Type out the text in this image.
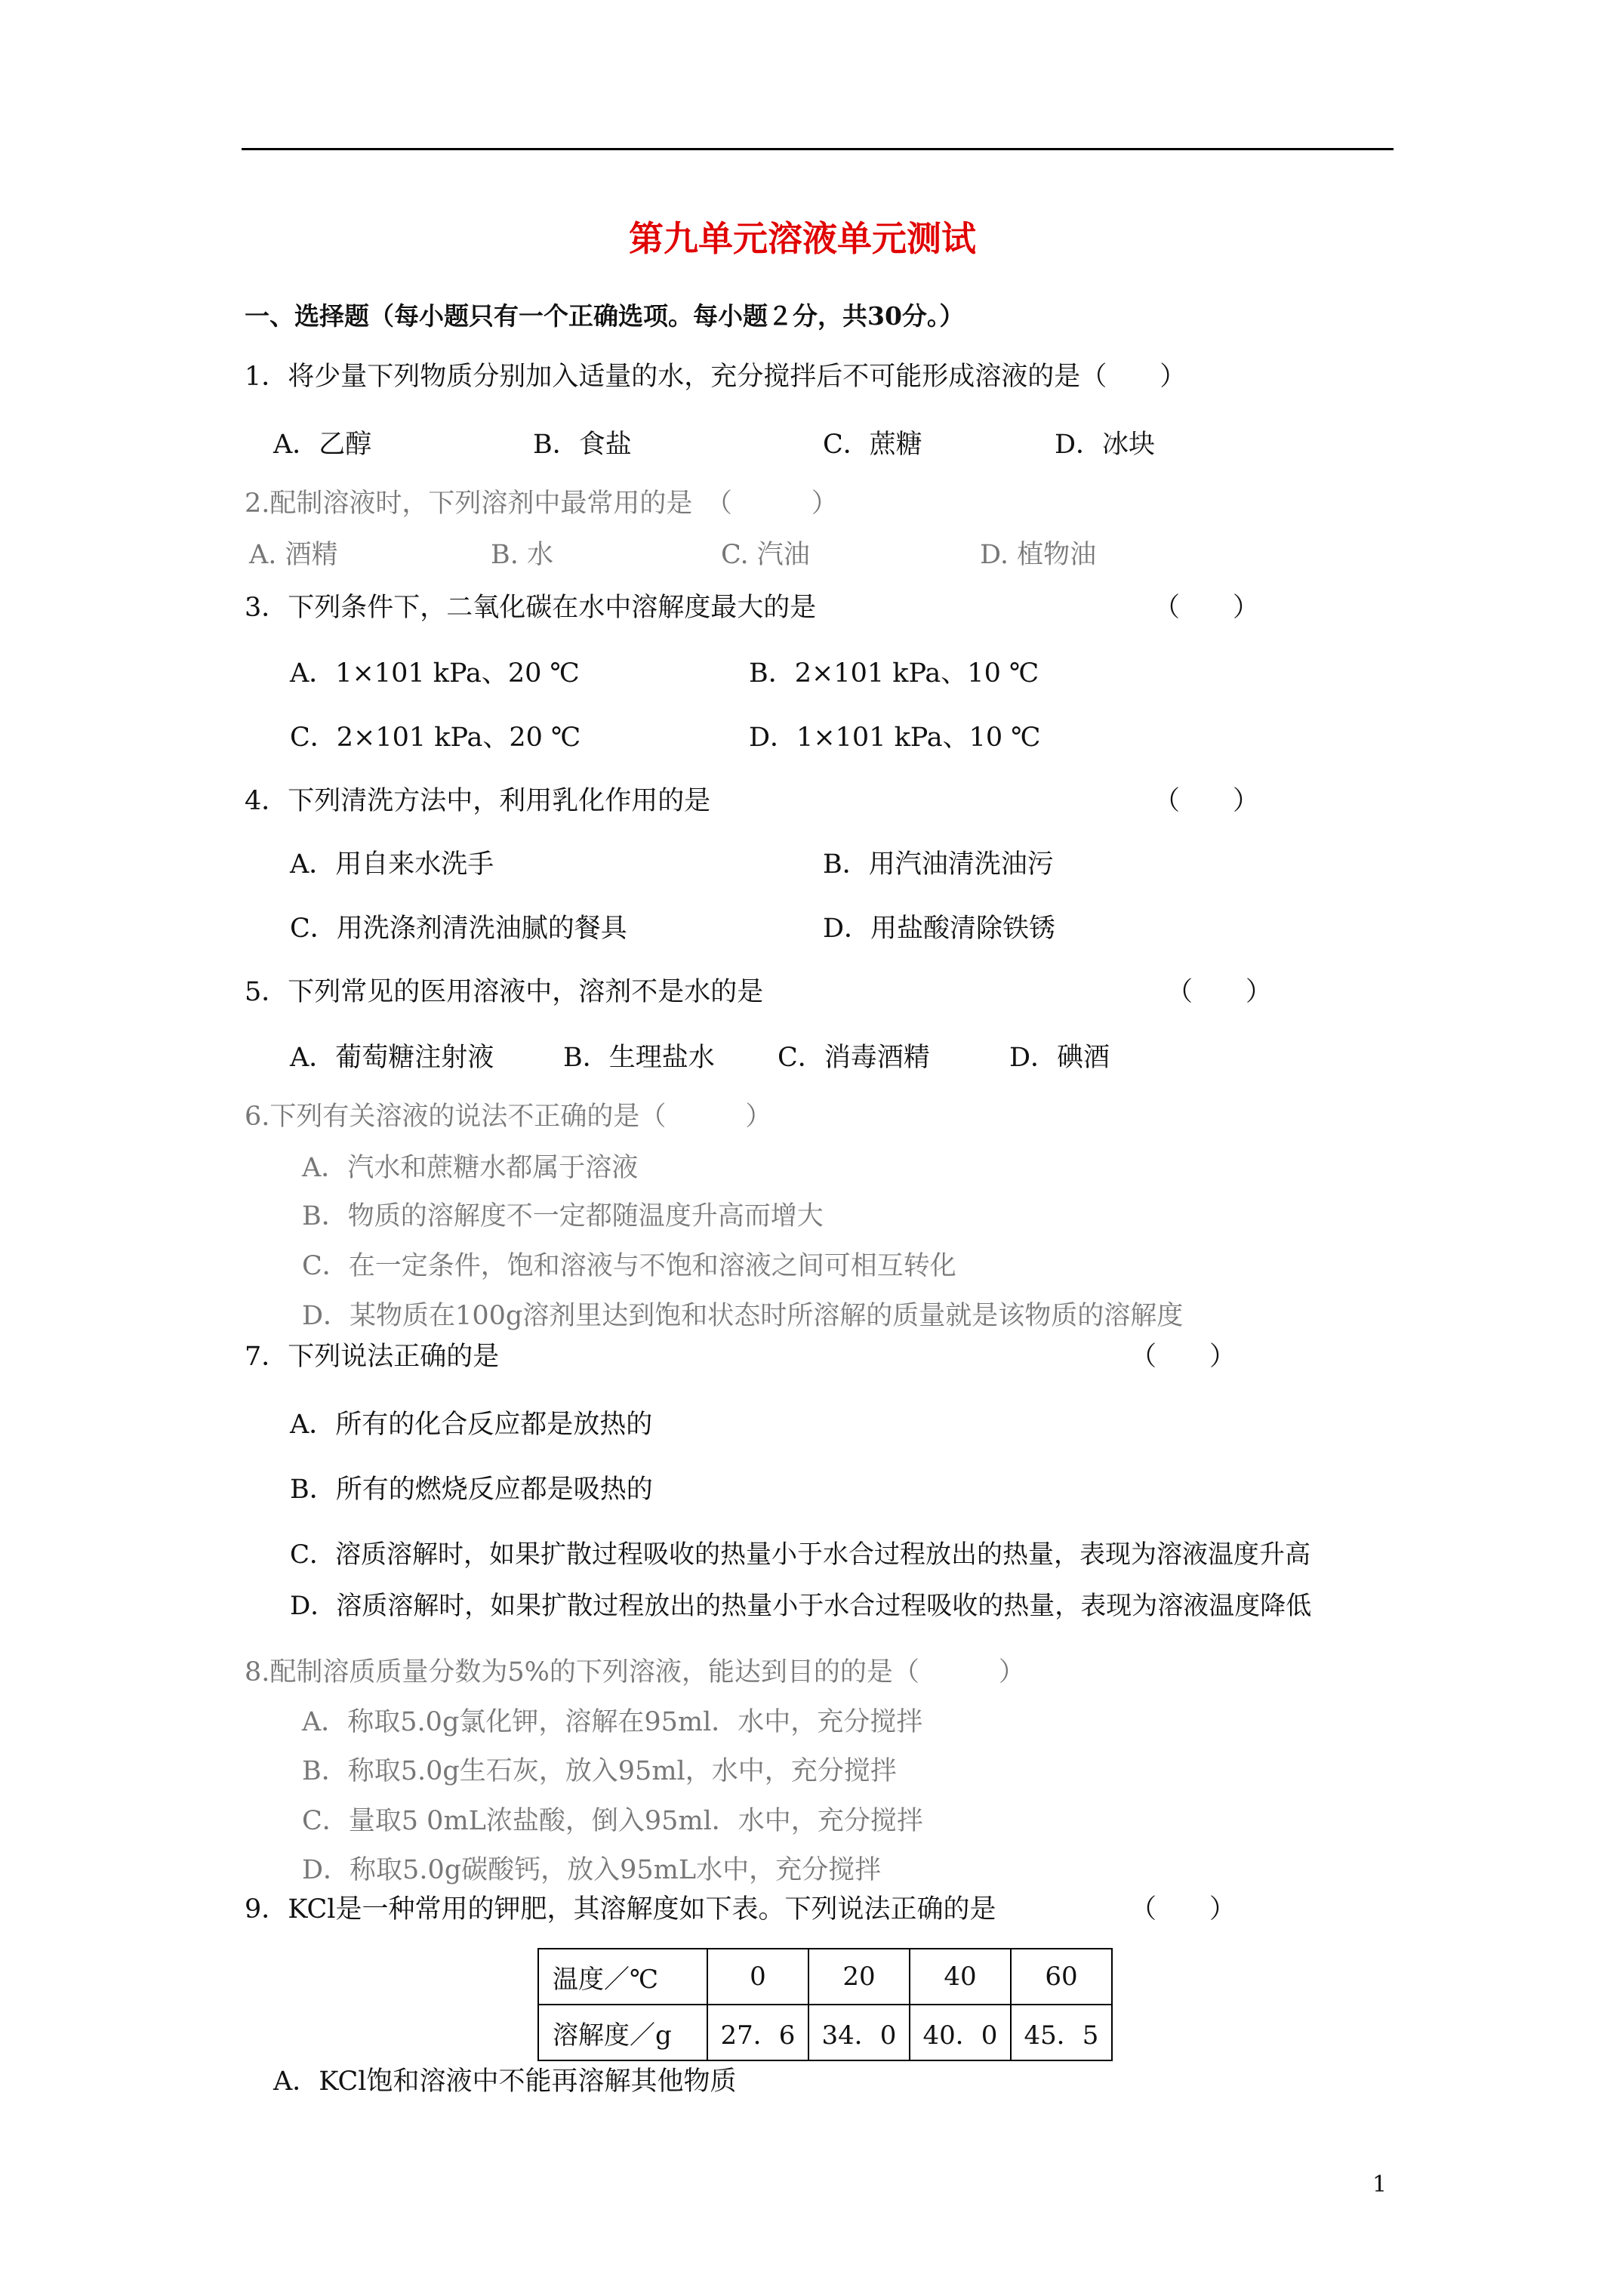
第九单元溶液单元测试
一、选择题（每小题只有一个正确选项。每小题２分，共30分。）
1．将少量下列物质分别加入适量的水，充分搅拌后不可能形成溶液的是（　　）
A．乙醇	B．食盐	C．蔗糖	D．冰块
2.配制溶液时，下列溶剂中最常用的是　（　　　）
A. 酒精	B. 水	C. 汽油	D. 植物油
3．下列条件下，二氧化碳在水中溶解度最大的是	（　　）
A．1×101 kPa、20 ℃	B．2×101 kPa、10 ℃
C．2×101 kPa、20 ℃	D．1×101 kPa、10 ℃
4．下列清洗方法中，利用乳化作用的是	（　　）
A．用自来水洗手	B．用汽油清洗油污
C．用洗涤剂清洗油腻的餐具	D．用盐酸清除铁锈
5．下列常见的医用溶液中，溶剂不是水的是	（　　）
A．葡萄糖注射液	B．生理盐水 C．消毒酒精	D．碘酒
6.下列有关溶液的说法不正确的是（　　　）
A．汽水和蔗糖水都属于溶液
B．物质的溶解度不一定都随温度升高而增大
C．在一定条件，饱和溶液与不饱和溶液之间可相互转化
D．某物质在100g溶剂里达到饱和状态时所溶解的质量就是该物质的溶解度
7．下列说法正确的是	（　　）
A．所有的化合反应都是放热的
B．所有的燃烧反应都是吸热的
C．溶质溶解时，如果扩散过程吸收的热量小于水合过程放出的热量，表现为溶液温度升高
D．溶质溶解时，如果扩散过程放出的热量小于水合过程吸收的热量，表现为溶液温度降低
8.配制溶质质量分数为5%的下列溶液，能达到目的的是（　　　）
A．称取5.0g氯化钾，溶解在95ml．水中，充分搅拌
B．称取5.0g生石灰，放入95ml，水中，充分搅拌
C．量取5 0mL浓盐酸，倒入95ml．水中，充分搅拌
D．称取5.0g碳酸钙，放入95mL水中，充分搅拌
9．KCl是一种常用的钾肥，其溶解度如下表。下列说法正确的是	（　　）
温度／℃	0	20	40	60
溶解度／g	27．6	34．0	40．0	45．5
A．KCl饱和溶液中不能再溶解其他物质
1
